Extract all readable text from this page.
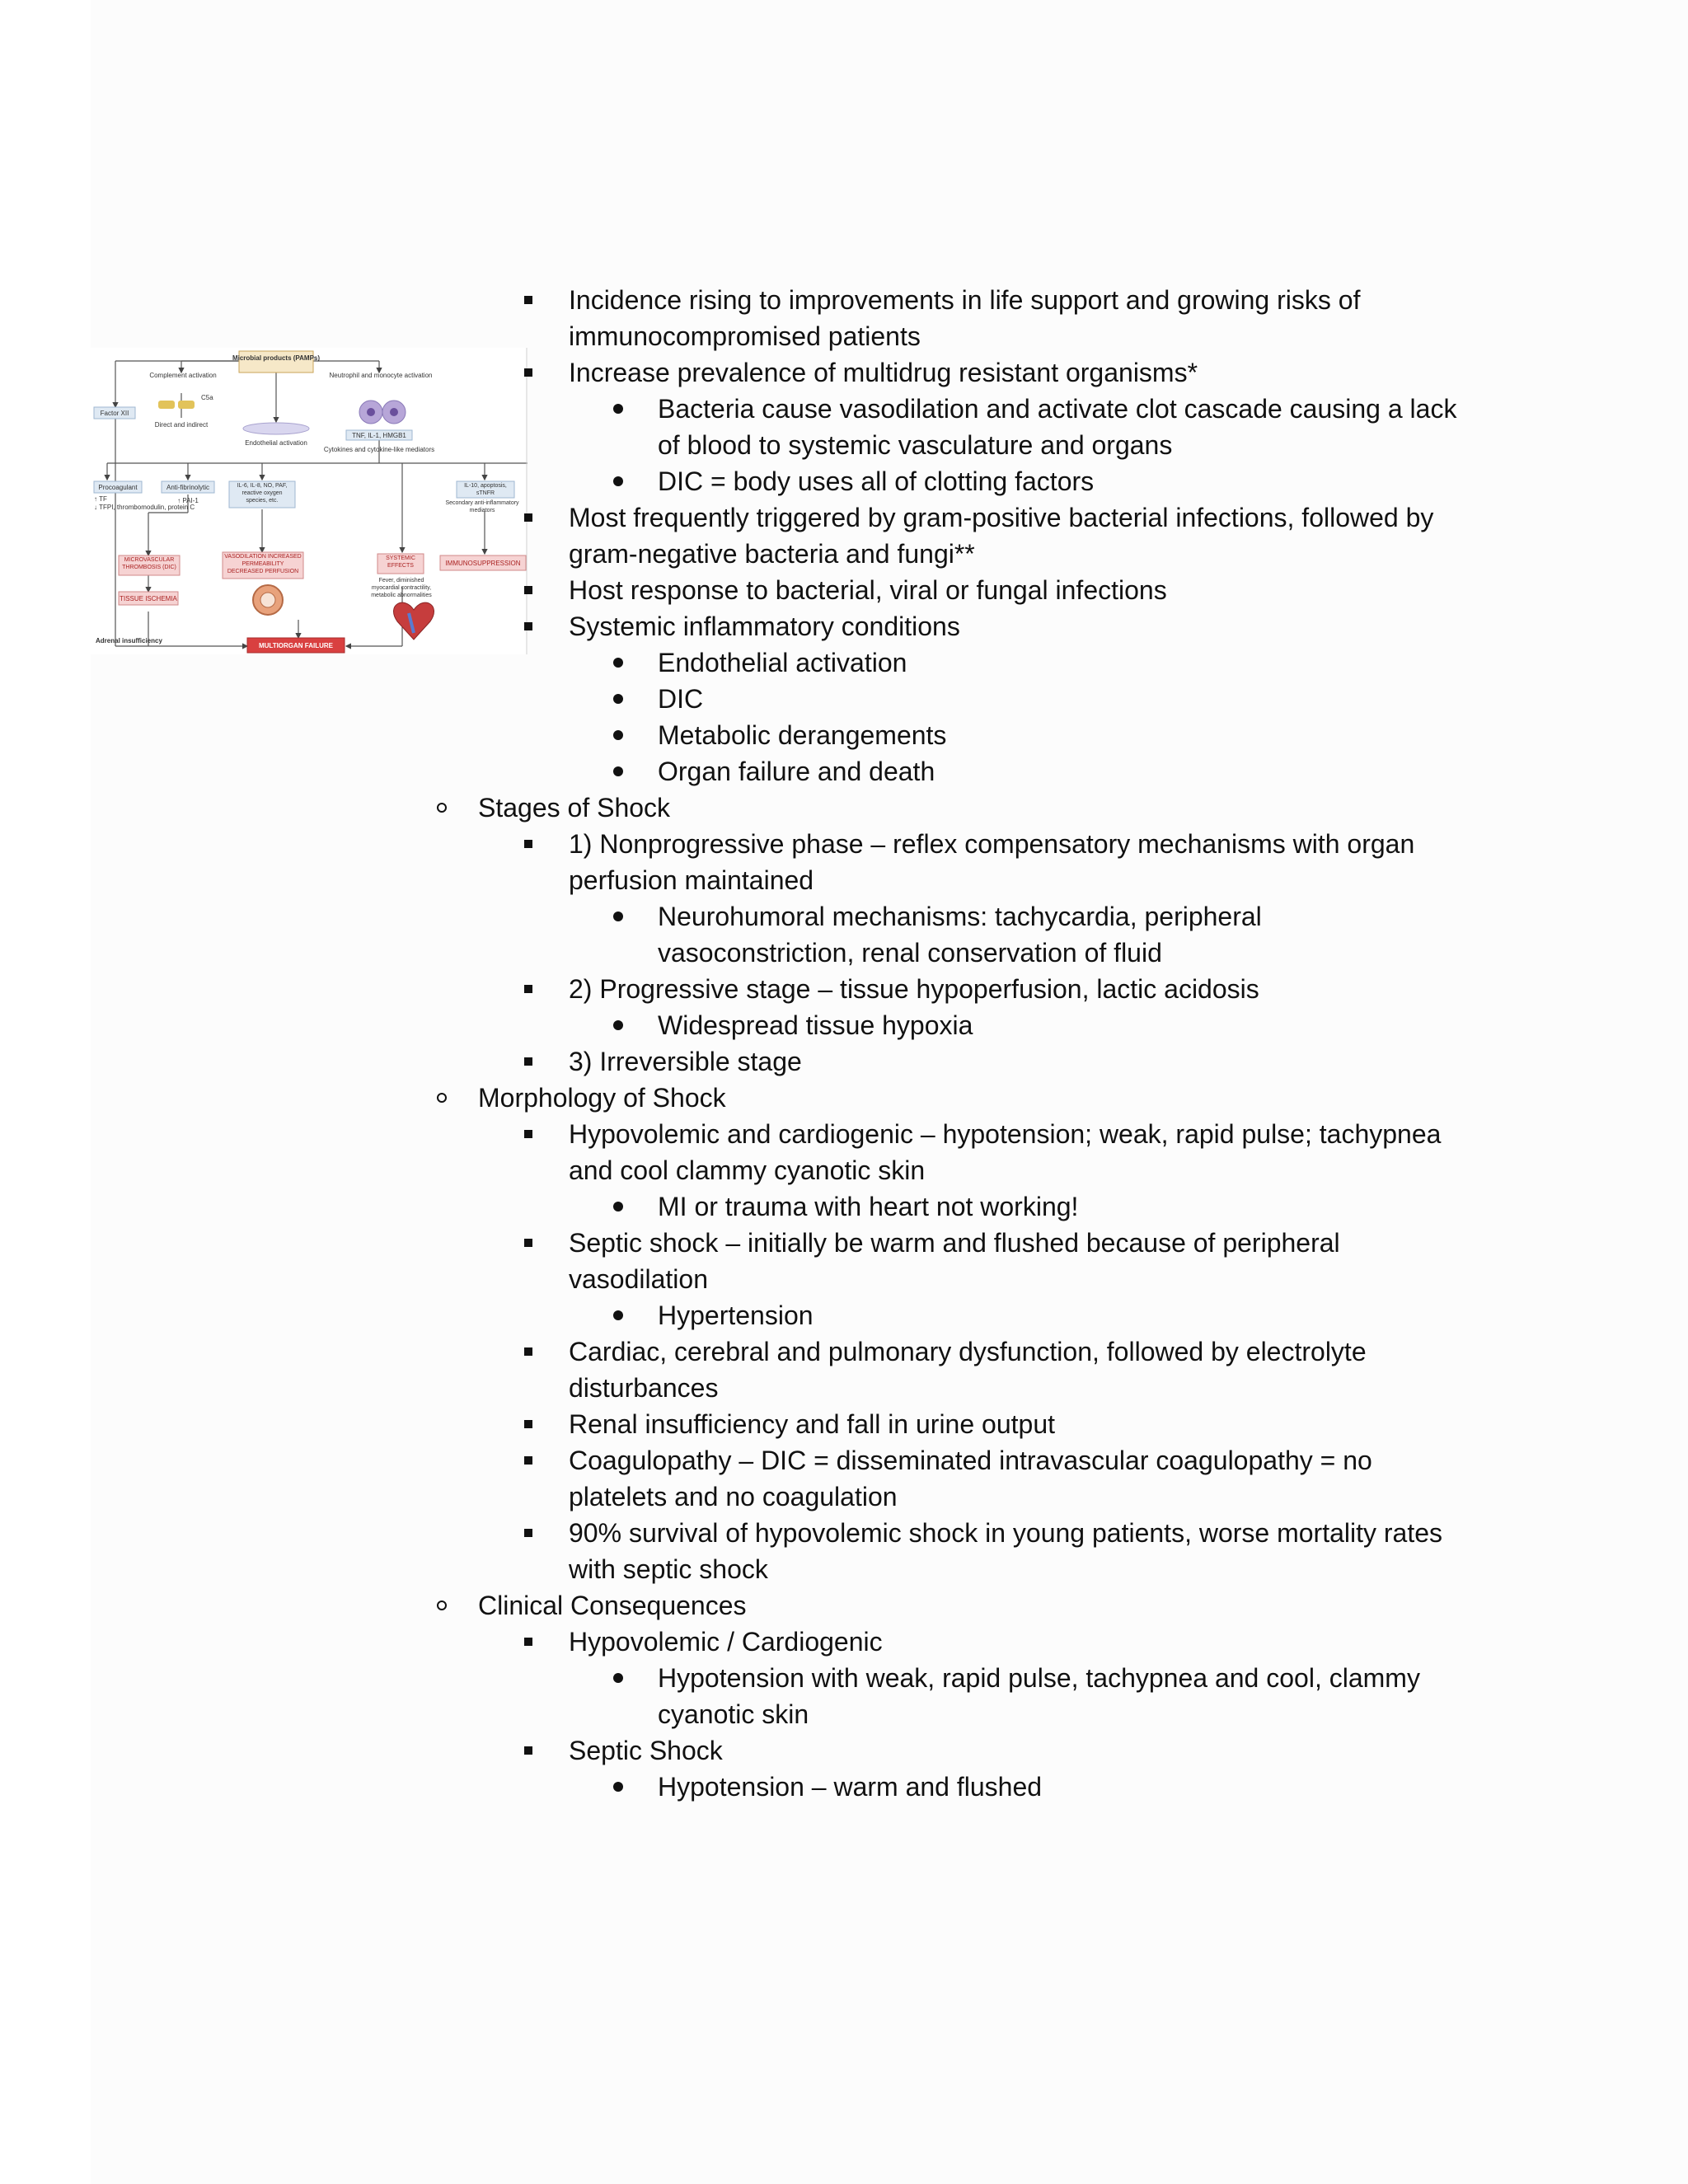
Microbial products (PAMPs)
Complement activation	Neutrophil and monocyte activation
C5a
Factor XII
Direct and indirect
Endothelial activation
TNF, IL-1, HMGB1
Cytokines and cytokine-like mediators
Procoagulant
↑ TF
↓ TFPI, thrombomodulin, protein C
Anti-fibrinolytic
↑ PAI-1
IL-6, IL-8, NO, PAF, reactive oxygen species, etc.
IL-10, apoptosis, sTNFR
Secondary anti-inflammatory mediators
MICROVASCULAR THROMBOSIS (DIC)
VASODILATION INCREASED PERMEABILITY DECREASED PERFUSION
SYSTEMIC EFFECTS	IMMUNOSUPPRESSION
Fever, diminished myocardial contractility, metabolic abnormalities
TISSUE ISCHEMIA
Adrenal insufficiency
MULTIORGAN FAILURE
Incidence rising to improvements in life support and growing risks of
immunocompromised patients
Increase prevalence of multidrug resistant organisms*
Bacteria cause vasodilation and activate clot cascade causing a lack
of blood to systemic vasculature and organs
DIC = body uses all of clotting factors
Most frequently triggered by gram-positive bacterial infections, followed by
gram-negative bacteria and fungi**
Host response to bacterial, viral or fungal infections
Systemic inflammatory conditions
Endothelial activation
DIC
Metabolic derangements
Organ failure and death
Stages of Shock
1) Nonprogressive phase – reflex compensatory mechanisms with organ
perfusion maintained
Neurohumoral mechanisms: tachycardia, peripheral
vasoconstriction, renal conservation of fluid
2) Progressive stage – tissue hypoperfusion, lactic acidosis
Widespread tissue hypoxia
3) Irreversible stage
Morphology of Shock
Hypovolemic and cardiogenic – hypotension; weak, rapid pulse; tachypnea
and cool clammy cyanotic skin
MI or trauma with heart not working!
Septic shock – initially be warm and flushed because of peripheral
vasodilation
Hypertension
Cardiac, cerebral and pulmonary dysfunction, followed by electrolyte
disturbances
Renal insufficiency and fall in urine output
Coagulopathy – DIC = disseminated intravascular coagulopathy = no
platelets and no coagulation
90% survival of hypovolemic shock in young patients, worse mortality rates
with septic shock
Clinical Consequences
Hypovolemic / Cardiogenic
Hypotension with weak, rapid pulse, tachypnea and cool, clammy
cyanotic skin
Septic Shock
Hypotension – warm and flushed
